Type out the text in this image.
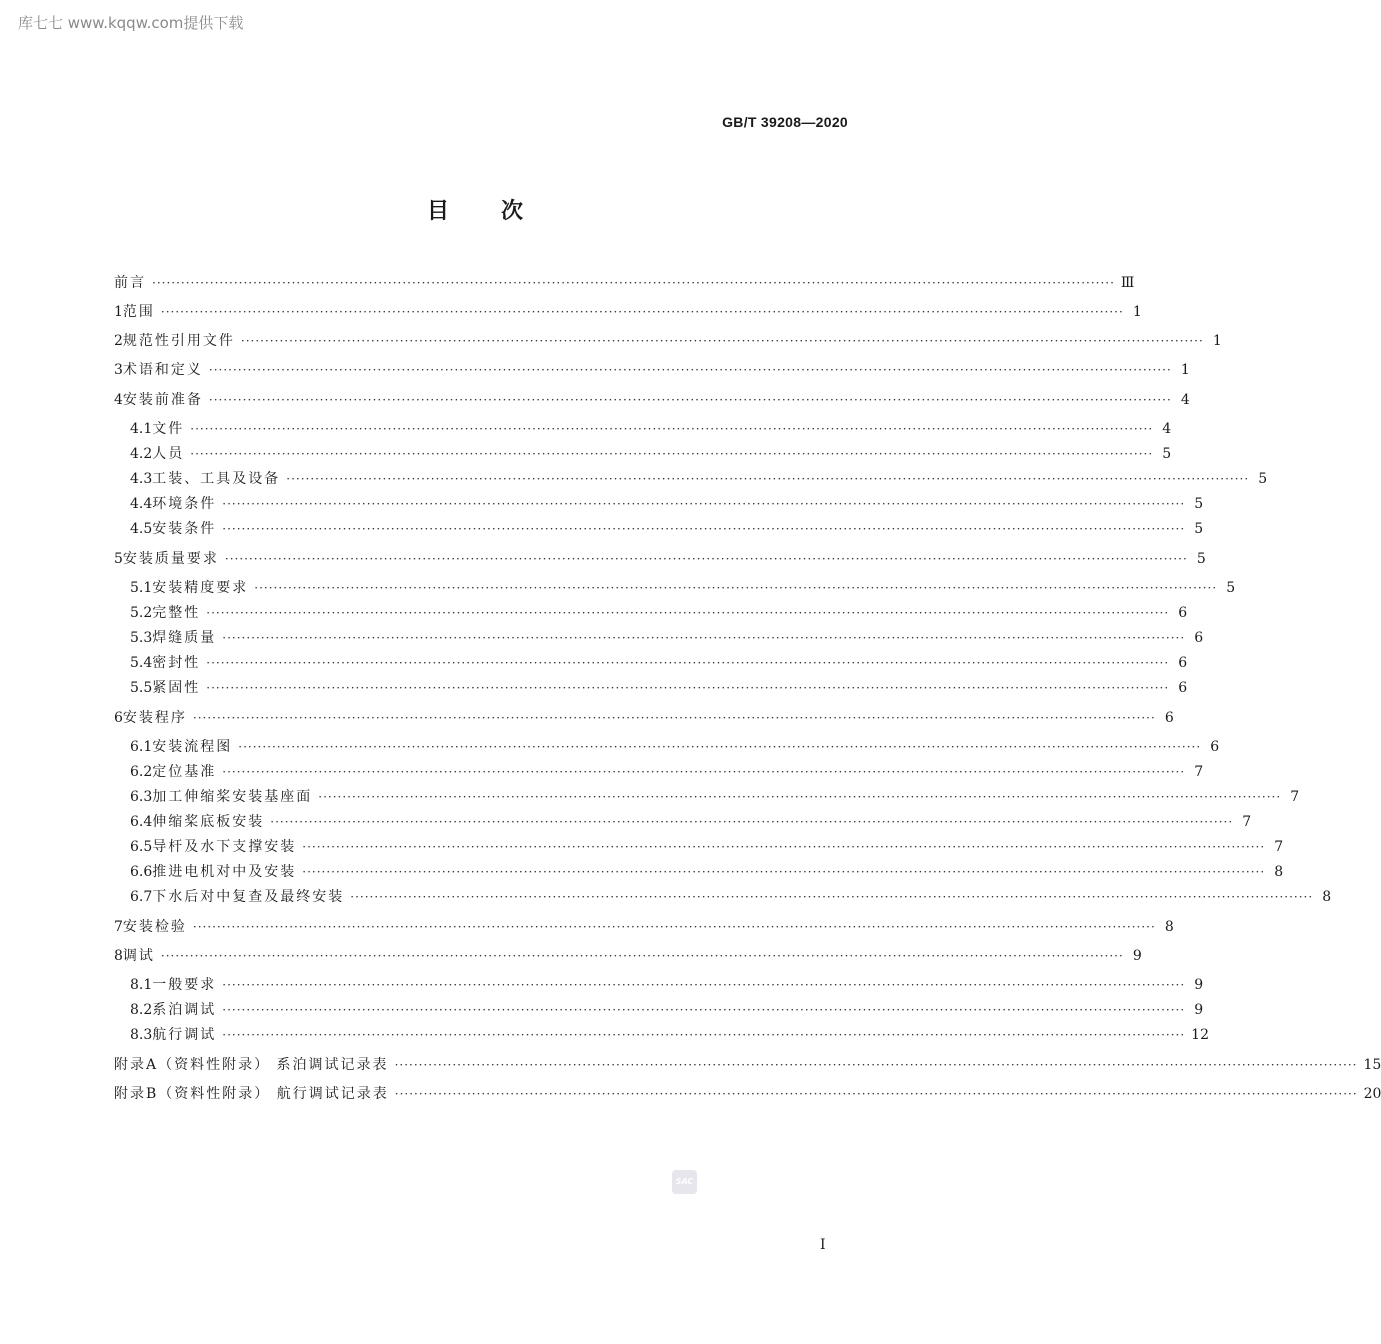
库七七 www.kqqw.com提供下载
GB/T 39208—2020
目次
前言 ········································································································································································································ Ⅲ
1 范围 ········································································································································································································ 1
2 规范性引用文件 ········································································································································································································ 1
3 术语和定义 ········································································································································································································ 1
4 安装前准备 ········································································································································································································ 4
4.1 文件 ········································································································································································································ 4
4.2 人员 ········································································································································································································ 5
4.3 工装、工具及设备 ········································································································································································································ 5
4.4 环境条件 ········································································································································································································ 5
4.5 安装条件 ········································································································································································································ 5
5 安装质量要求 ········································································································································································································ 5
5.1 安装精度要求 ········································································································································································································ 5
5.2 完整性 ········································································································································································································ 6
5.3 焊缝质量 ········································································································································································································ 6
5.4 密封性 ········································································································································································································ 6
5.5 紧固性 ········································································································································································································ 6
6 安装程序 ········································································································································································································ 6
6.1 安装流程图 ········································································································································································································ 6
6.2 定位基准 ········································································································································································································ 7
6.3 加工伸缩桨安装基座面 ········································································································································································································ 7
6.4 伸缩桨底板安装 ········································································································································································································ 7
6.5 导杆及水下支撑安装 ········································································································································································································ 7
6.6 推进电机对中及安装 ········································································································································································································ 8
6.7 下水后对中复查及最终安装 ········································································································································································································ 8
7 安装检验 ········································································································································································································ 8
8 调试 ········································································································································································································ 9
8.1 一般要求 ········································································································································································································ 9
8.2 系泊调试 ········································································································································································································ 9
8.3 航行调试 ········································································································································································································ 12
附录A（资料性附录） 系泊调试记录表 ········································································································································································································ 15
附录B（资料性附录） 航行调试记录表 ········································································································································································································ 20
SAC
I
